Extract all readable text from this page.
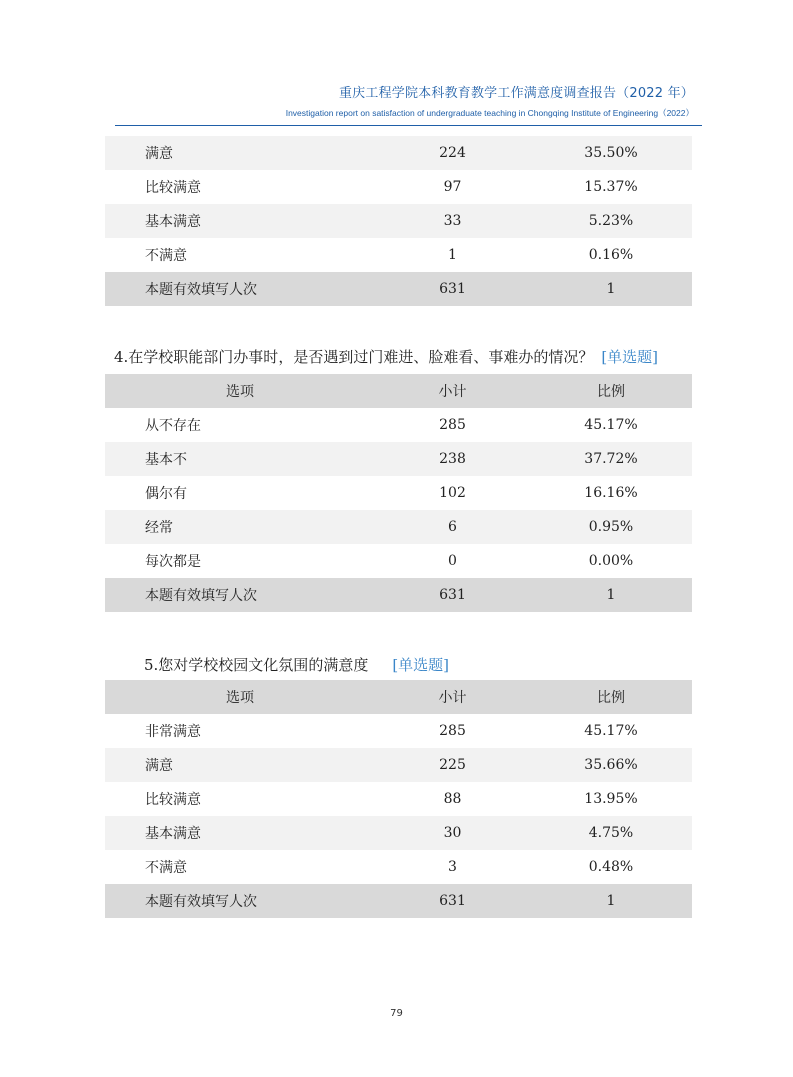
重庆工程学院本科教育教学工作满意度调查报告（2022 年）
Investigation report on satisfaction of undergraduate teaching in Chongqing Institute of Engineering（2022）
满意	224	35.50%
比较满意	97	15.37%
基本满意	33	5.23%
不满意	1	0.16%
本题有效填写人次	631	1
4.在学校职能部门办事时，是否遇到过门难进、脸难看、事难办的情况？ [单选题]
选项	小计	比例
从不存在	285	45.17%
基本不	238	37.72%
偶尔有	102	16.16%
经常	6	0.95%
每次都是	0	0.00%
本题有效填写人次	631	1
5.您对学校校园文化氛围的满意度 [单选题]
选项	小计	比例
非常满意	285	45.17%
满意	225	35.66%
比较满意	88	13.95%
基本满意	30	4.75%
不满意	3	0.48%
本题有效填写人次	631	1
79
